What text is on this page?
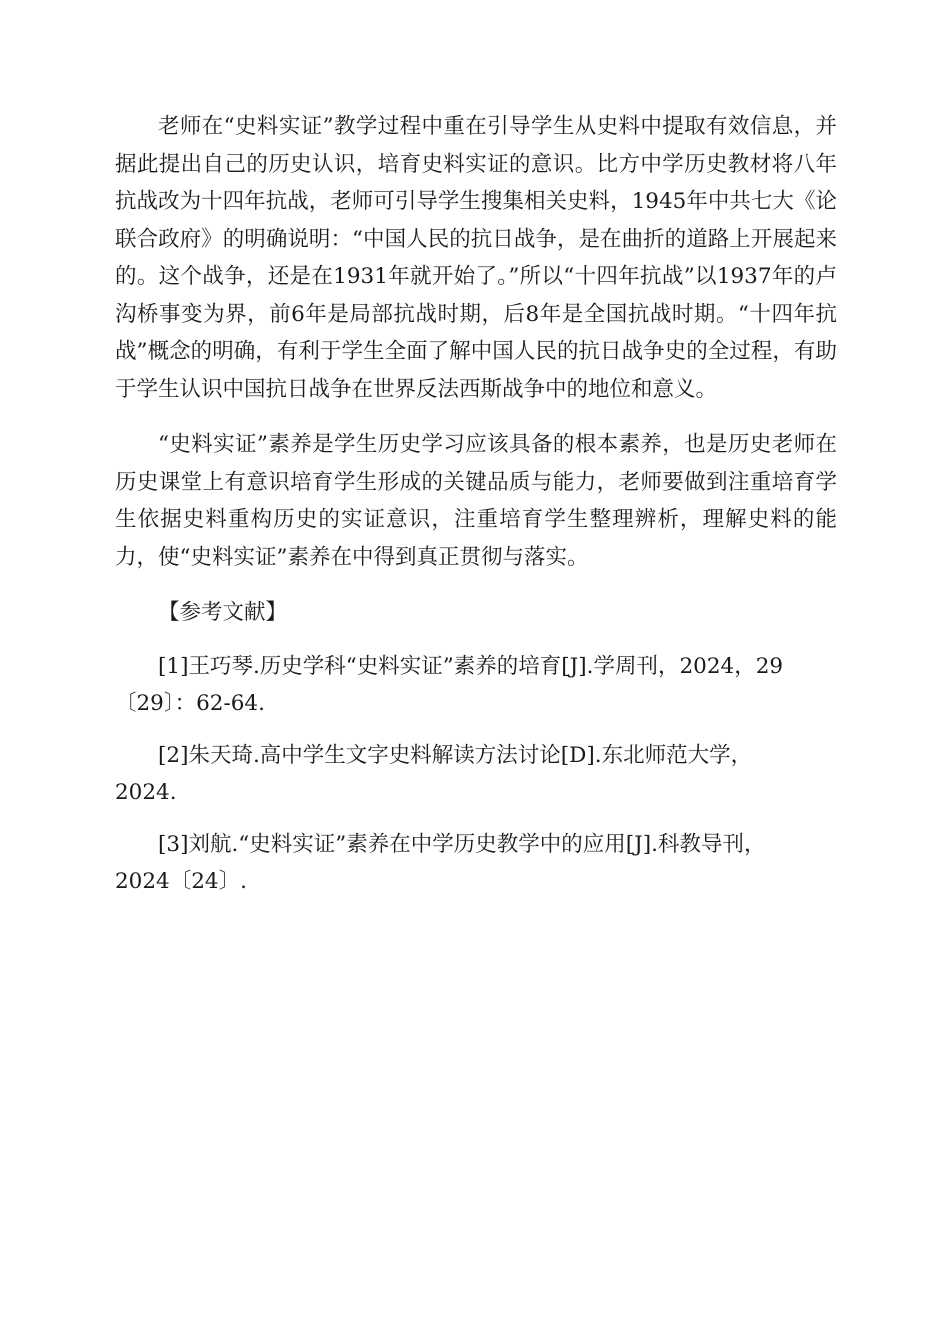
老师在“史料实证”教学过程中重在引导学生从史料中提取有效信息，并据此提出自己的历史认识，培育史料实证的意识。比方中学历史教材将八年抗战改为十四年抗战，老师可引导学生搜集相关史料，1945年中共七大《论联合政府》的明确说明：“中国人民的抗日战争，是在曲折的道路上开展起来的。这个战争，还是在1931年就开始了。”所以“十四年抗战”以1937年的卢沟桥事变为界，前6年是局部抗战时期，后8年是全国抗战时期。“十四年抗战”概念的明确，有利于学生全面了解中国人民的抗日战争史的全过程，有助于学生认识中国抗日战争在世界反法西斯战争中的地位和意义。

“史料实证”素养是学生历史学习应该具备的根本素养，也是历史老师在历史课堂上有意识培育学生形成的关键品质与能力，老师要做到注重培育学生依据史料重构历史的实证意识，注重培育学生整理辨析，理解史料的能力，使“史料实证”素养在中得到真正贯彻与落实。

【参考文献】

[1]王巧琴.历史学科“史料实证”素养的培育[J].学周刊，2024，29〔29〕：62-64.

[2]朱天琦.高中学生文字史料解读方法讨论[D].东北师范大学，2024.

[3]刘航.“史料实证”素养在中学历史教学中的应用[J].科教导刊，2024〔24〕.
